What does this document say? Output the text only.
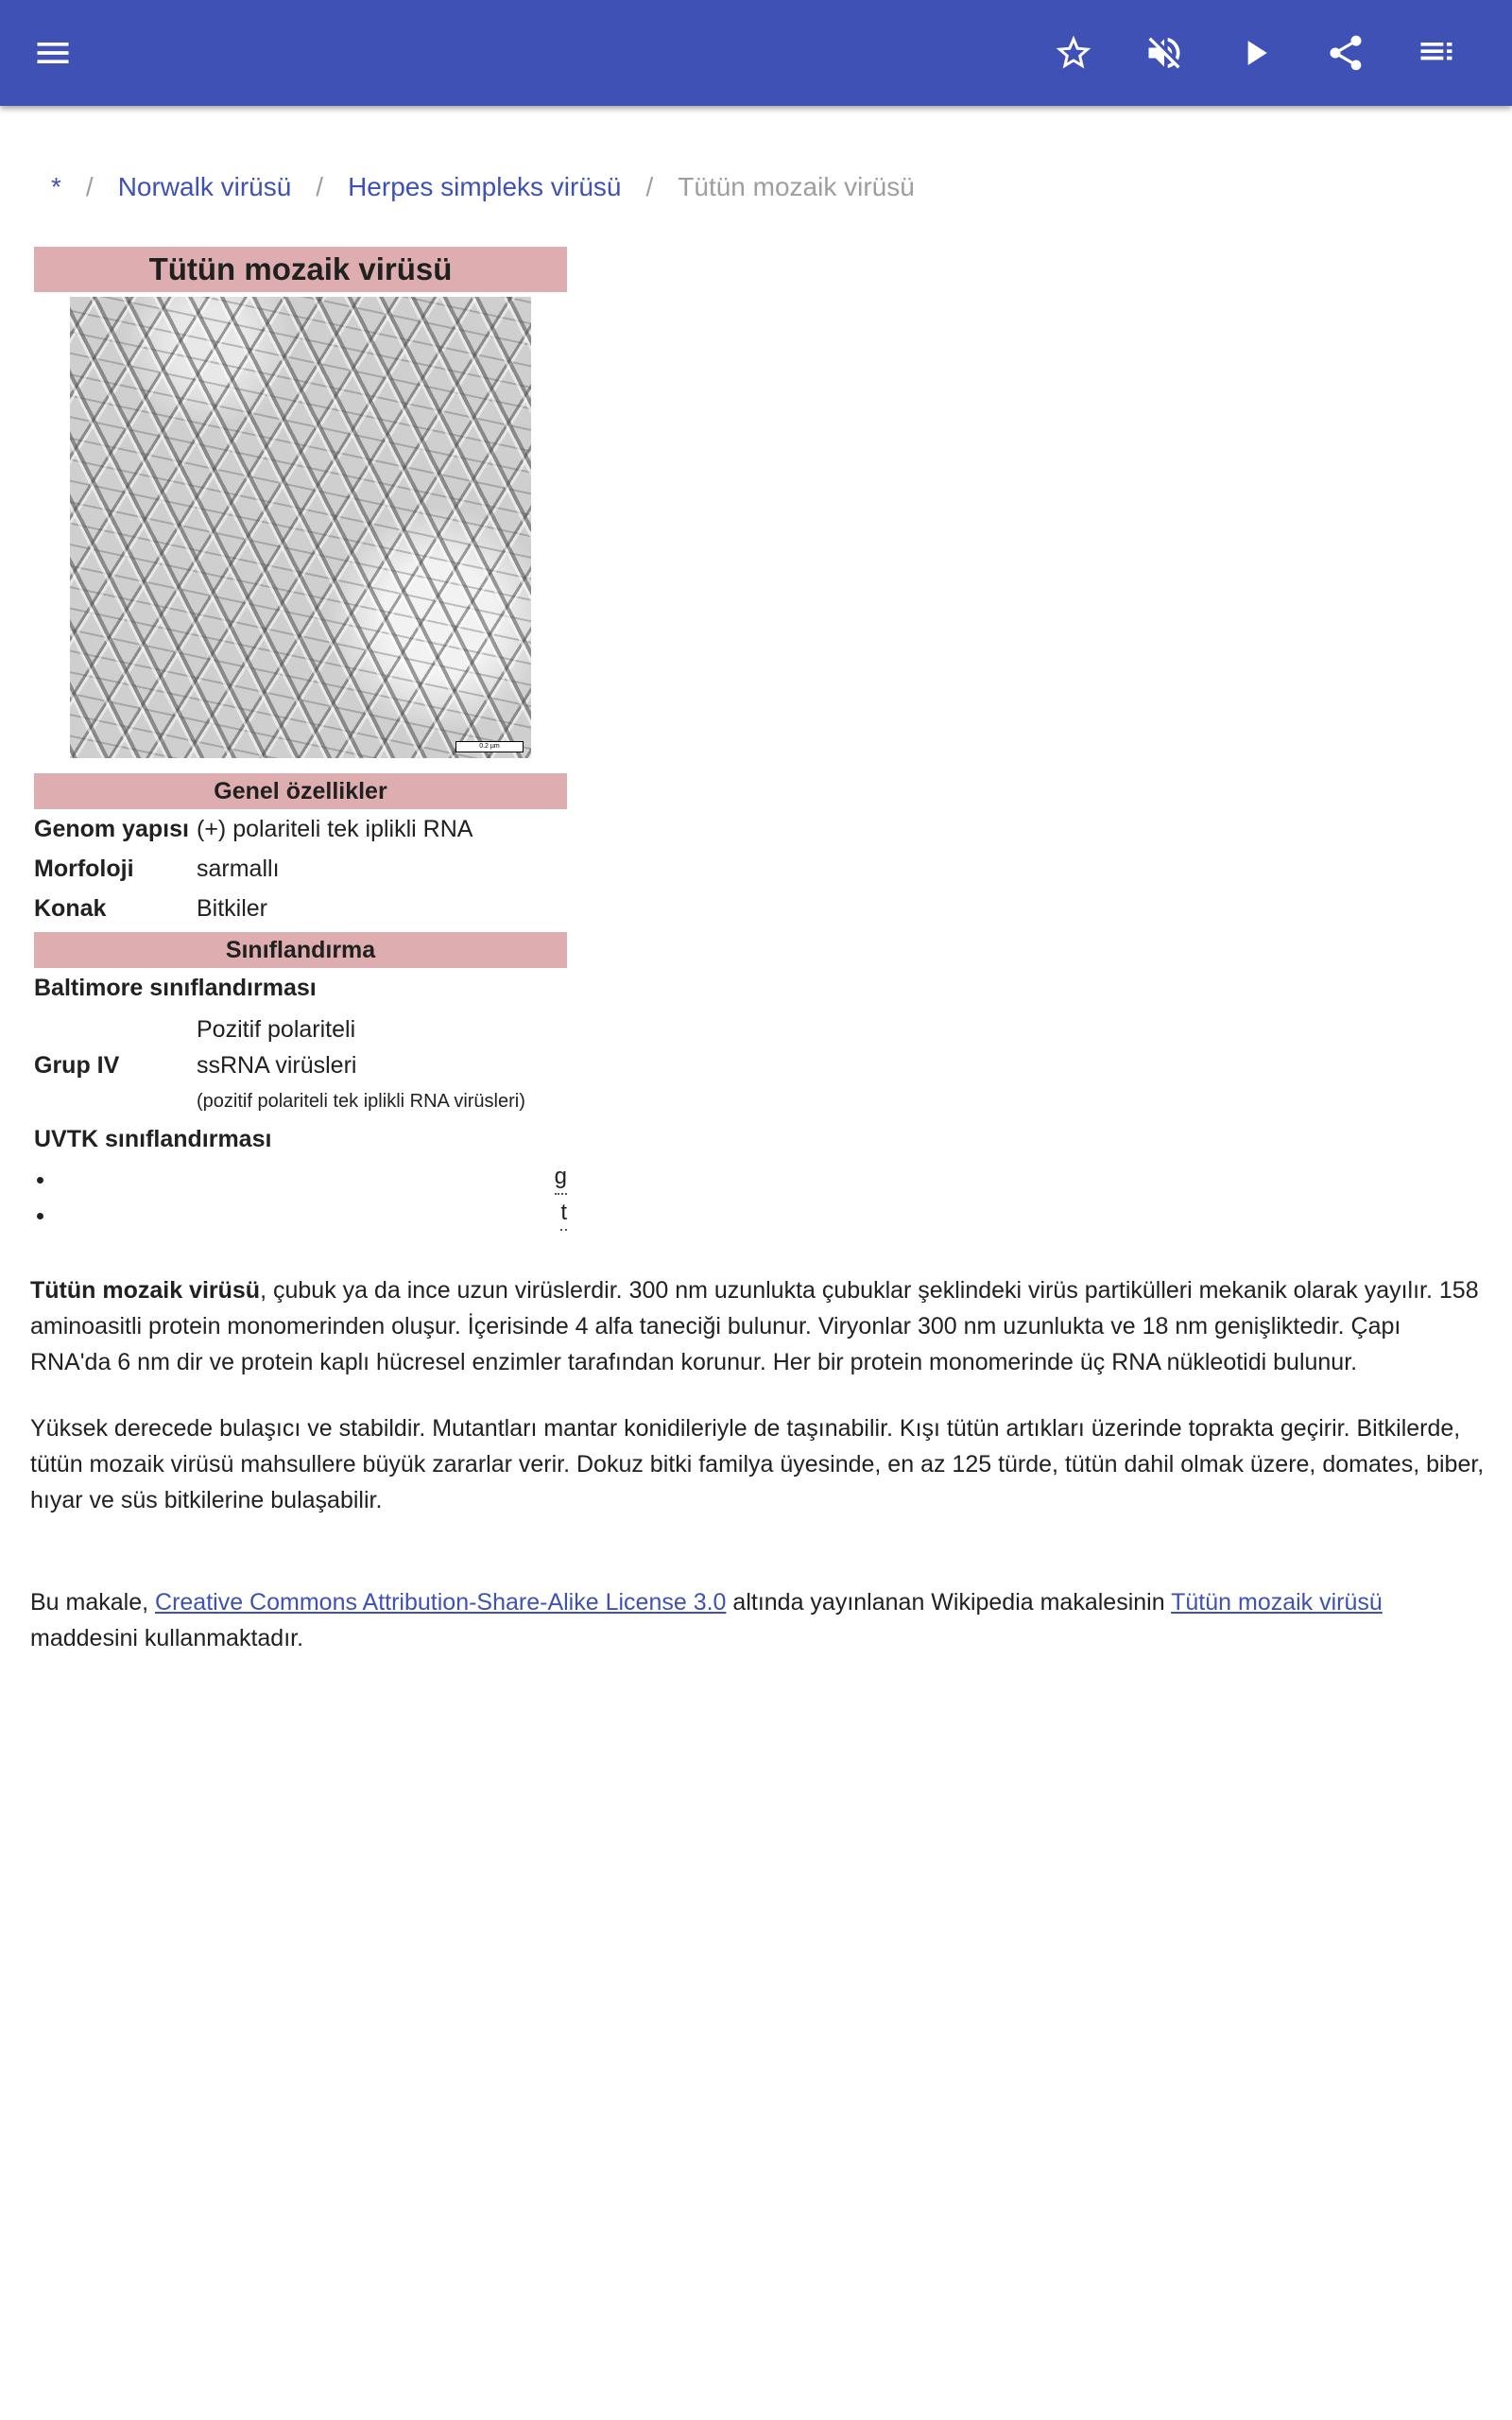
* / Norwalk virüsü / Herpes simpleks virüsü / Tütün mozaik virüsü
Tütün mozaik virüsü
0.2 µm
Genel özellikler
Genom yapısı (+) polariteli tek iplikli RNA
Morfoloji	sarmallı
Konak	Bitkiler
Sınıflandırma
Baltimore sınıflandırması
Grup IV
Pozitif polariteli
ssRNA virüsleri
(pozitif polariteli tek iplikli RNA virüsleri)
UVTK sınıflandırması
• g
• t

Tütün mozaik virüsü, çubuk ya da ince uzun virüslerdir. 300 nm uzunlukta çubuklar şeklindeki virüs partikülleri mekanik olarak yayılır. 158 aminoasitli protein monomerinden oluşur. İçerisinde 4 alfa taneciği bulunur. Viryonlar 300 nm uzunlukta ve 18 nm genişliktedir. Çapı RNA'da 6 nm dir ve protein kaplı hücresel enzimler tarafından korunur. Her bir protein monomerinde üç RNA nükleotidi bulunur.

Yüksek derecede bulaşıcı ve stabildir. Mutantları mantar konidileriyle de taşınabilir. Kışı tütün artıkları üzerinde toprakta geçirir. Bitkilerde, tütün mozaik virüsü mahsullere büyük zararlar verir. Dokuz bitki familya üyesinde, en az 125 türde, tütün dahil olmak üzere, domates, biber, hıyar ve süs bitkilerine bulaşabilir.

Bu makale, Creative Commons Attribution-Share-Alike License 3.0 altında yayınlanan Wikipedia makalesinin Tütün mozaik virüsü maddesini kullanmaktadır.
